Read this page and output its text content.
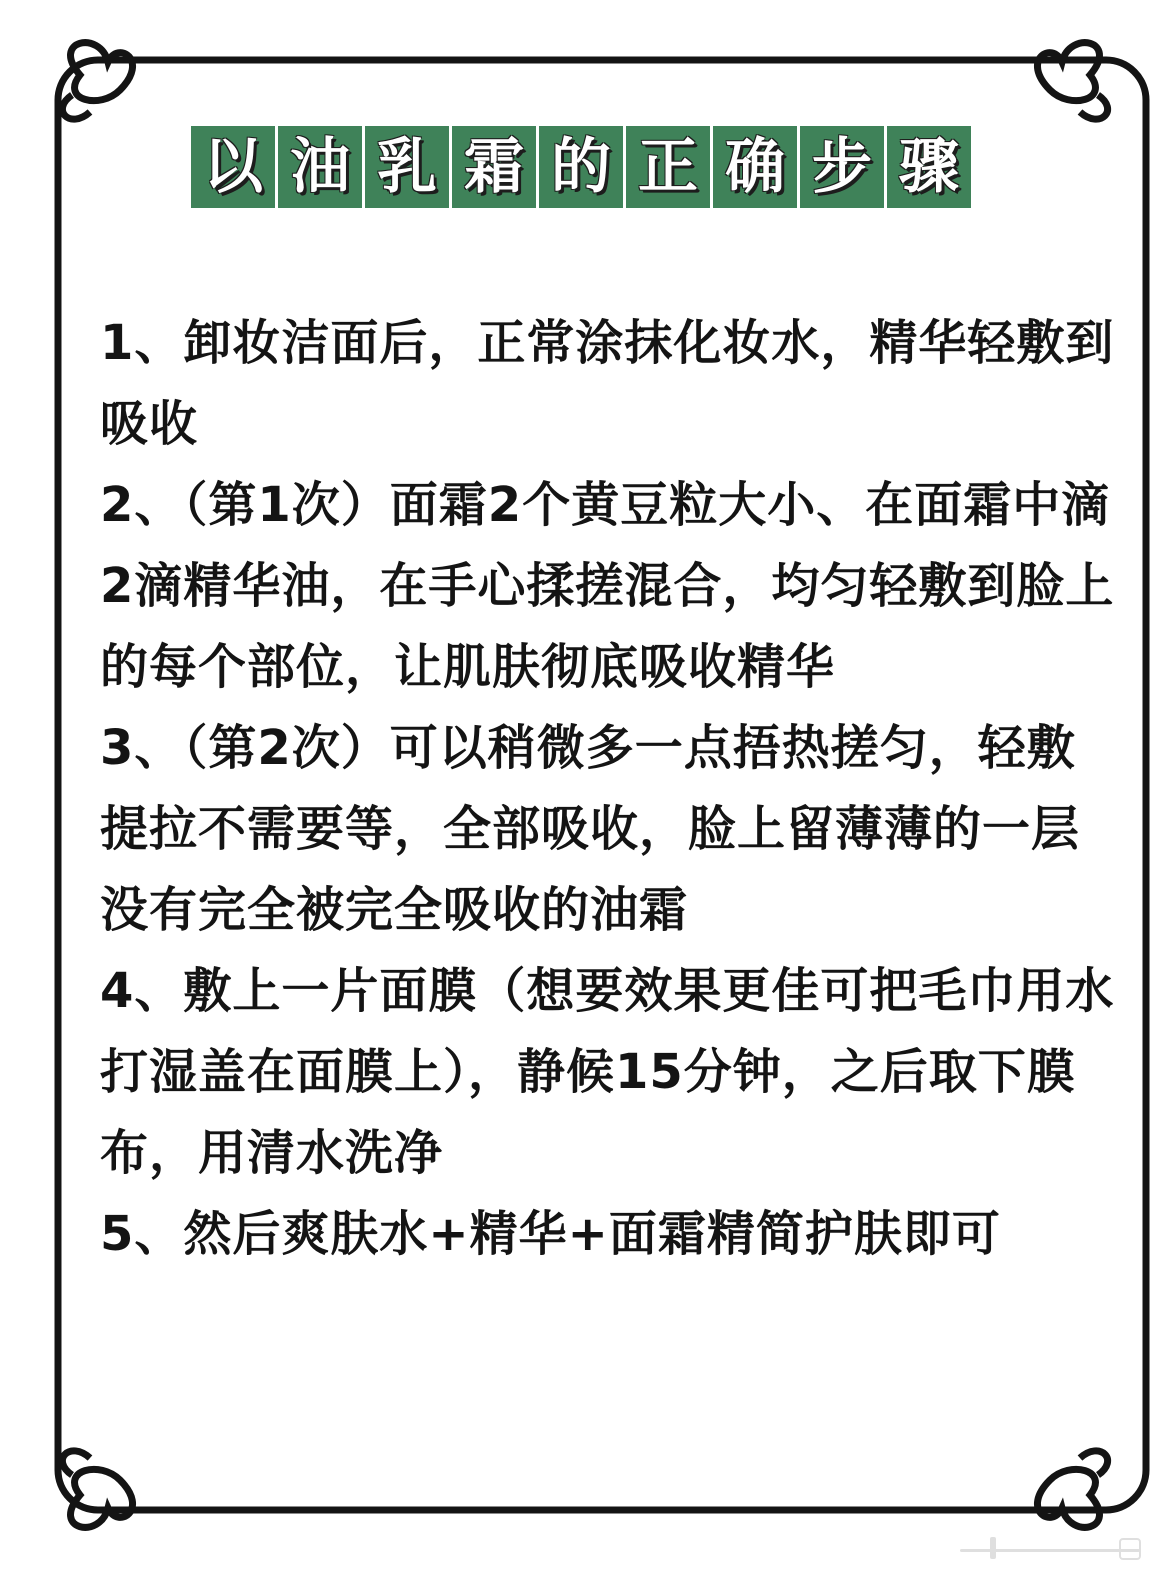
以 油 乳 霜 的 正 确 步 骤

1、卸妆洁面后，正常涂抹化妆水，精华轻敷到吸收

2、（第1次）面霜2个黄豆粒大小、在面霜中滴2滴精华油，在手心揉搓混合，均匀轻敷到脸上的每个部位，让肌肤彻底吸收精华

3、（第2次）可以稍微多一点捂热搓匀，轻敷提拉不需要等，全部吸收，脸上留薄薄的一层没有完全被完全吸收的油霜

4、敷上一片面膜（想要效果更佳可把毛巾用水打湿盖在面膜上），静候15分钟，之后取下膜布，用清水洗净

5、然后爽肤水+精华+面霜精简护肤即可
